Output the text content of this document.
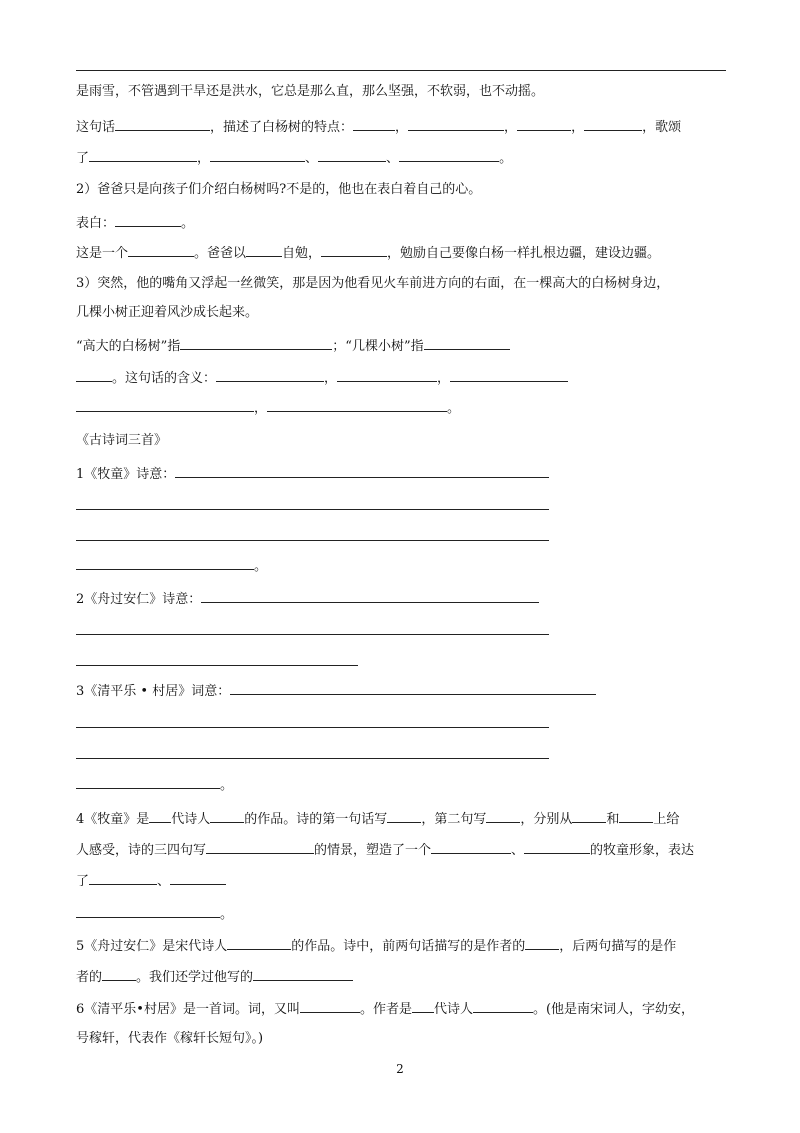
是雨雪，不管遇到干旱还是洪水，它总是那么直，那么坚强，不软弱，也不动摇。
这句话	，描述了白杨树的特点：	，	，	，	，歌颂
了	，	、	、	。
2）爸爸只是向孩子们介绍白杨树吗?不是的，他也在表白着自己的心。
表白：	。
这是一个	。爸爸以	自勉，	，勉励自己要像白杨一样扎根边疆，建设边疆。
3）突然，他的嘴角又浮起一丝微笑，那是因为他看见火车前进方向的右面，在一棵高大的白杨树身边，
几棵小树正迎着风沙成长起来。
“高大的白杨树”指	；“几棵小树”指
。这句话的含义：	，	，
，	。
《古诗词三首》
1《牧童》诗意：
。
2《舟过安仁》诗意：
3《清平乐 • 村居》词意：
。
4《牧童》是 代诗人	的作品。诗的第一句话写	，第二句写	，分别从	和	上给
人感受，诗的三四句写	的情景，塑造了一个	、	的牧童形象，表达
了	、
。
5《舟过安仁》是宋代诗人	的作品。诗中，前两句话描写的是作者的	，后两句描写的是作
者的	。我们还学过他写的
6《清平乐•村居》是一首词。词，又叫	。作者是 代诗人	。(他是南宋词人，字幼安，
号稼轩，代表作《稼轩长短句》。)
2
